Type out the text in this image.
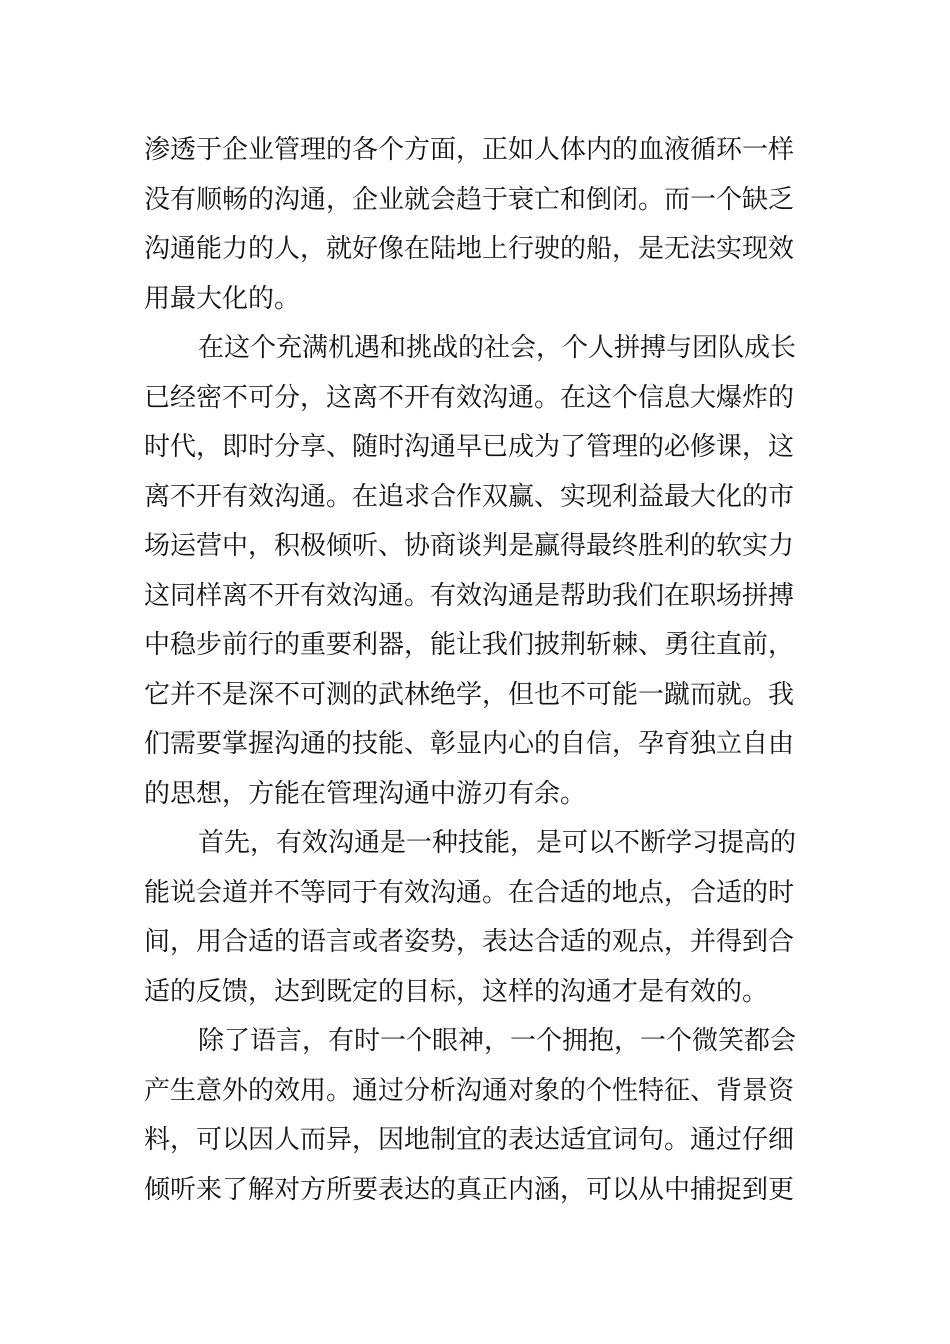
渗透于企业管理的各个方面，正如人体内的血液循环一样
没有顺畅的沟通，企业就会趋于衰亡和倒闭。而一个缺乏
沟通能力的人，就好像在陆地上行驶的船，是无法实现效
用最大化的。
在这个充满机遇和挑战的社会，个人拼搏与团队成长
已经密不可分，这离不开有效沟通。在这个信息大爆炸的
时代，即时分享、随时沟通早已成为了管理的必修课，这
离不开有效沟通。在追求合作双赢、实现利益最大化的市
场运营中，积极倾听、协商谈判是赢得最终胜利的软实力
这同样离不开有效沟通。有效沟通是帮助我们在职场拼搏
中稳步前行的重要利器，能让我们披荆斩棘、勇往直前，
它并不是深不可测的武林绝学，但也不可能一蹴而就。我
们需要掌握沟通的技能、彰显内心的自信，孕育独立自由
的思想，方能在管理沟通中游刃有余。
首先，有效沟通是一种技能，是可以不断学习提高的
能说会道并不等同于有效沟通。在合适的地点，合适的时
间，用合适的语言或者姿势，表达合适的观点，并得到合
适的反馈，达到既定的目标，这样的沟通才是有效的。
除了语言，有时一个眼神，一个拥抱，一个微笑都会
产生意外的效用。通过分析沟通对象的个性特征、背景资
料，可以因人而异，因地制宜的表达适宜词句。通过仔细
倾听来了解对方所要表达的真正内涵，可以从中捕捉到更
